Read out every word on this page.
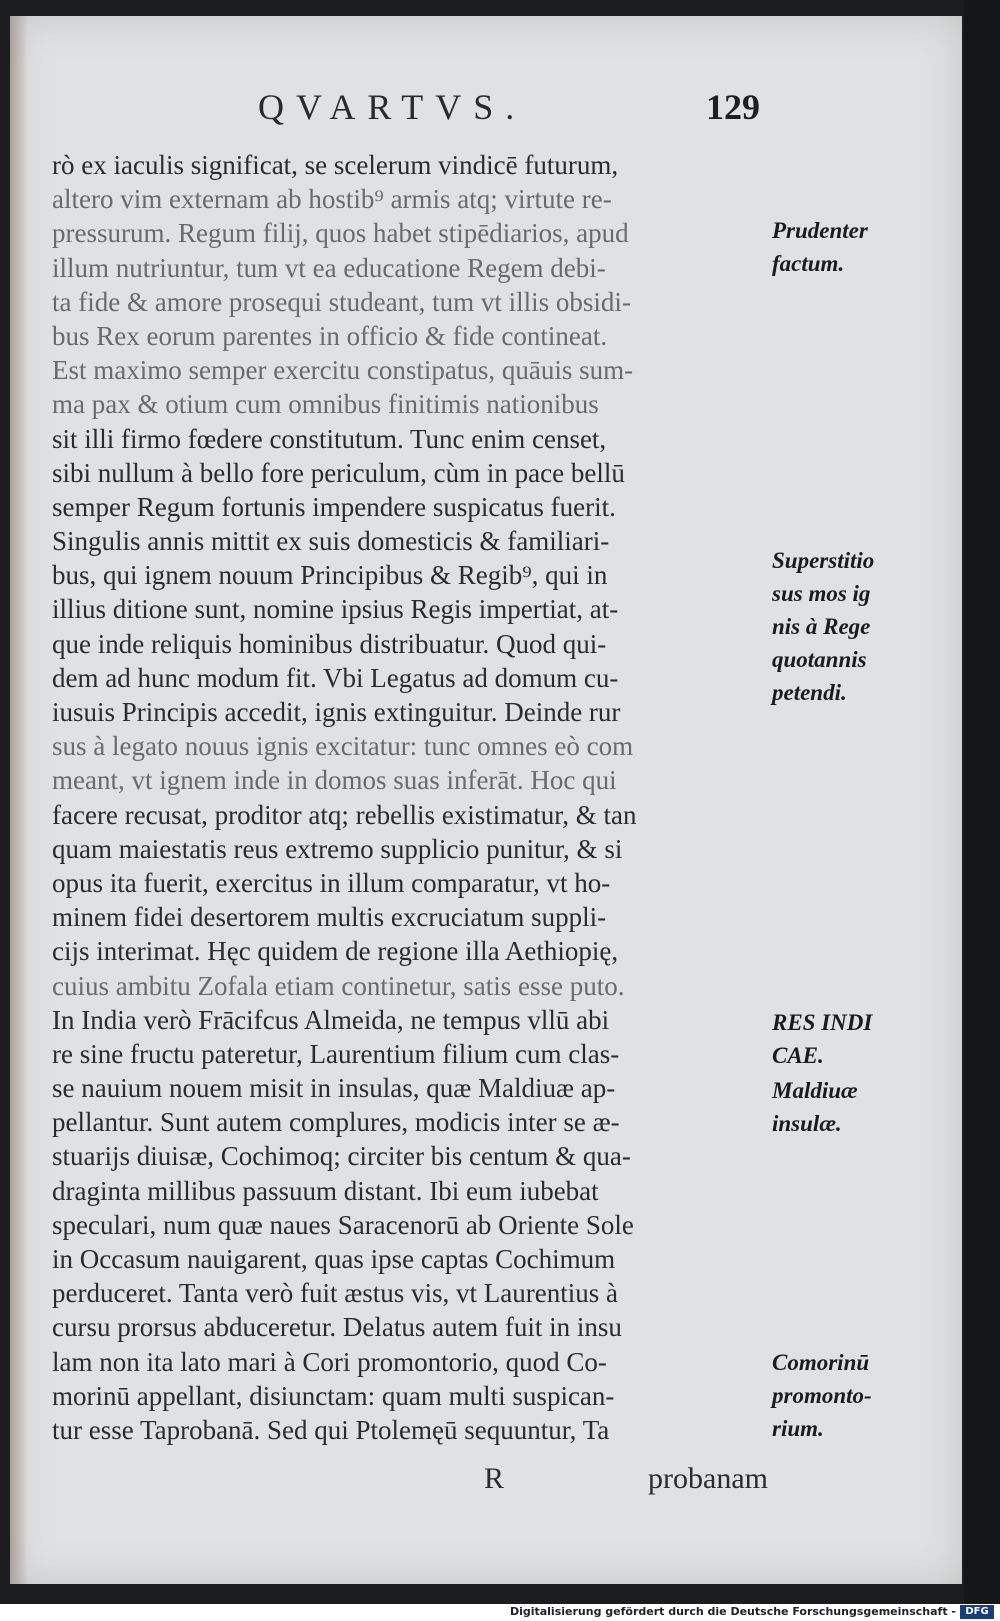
QVARTVS.	129
rò ex iaculis significat, se scelerum vindicē futurum,
altero vim externam ab hostib⁹ armis atq; virtute re-
pressurum. Regum filij, quos habet stipēdiarios, apud
illum nutriuntur, tum vt ea educatione Regem debi-
ta fide & amore prosequi studeant, tum vt illis obsidi-
bus Rex eorum parentes in officio & fide contineat.
Est maximo semper exercitu constipatus, quāuis sum-
ma pax & otium cum omnibus finitimis nationibus
sit illi firmo fœdere constitutum. Tunc enim censet,
sibi nullum à bello fore periculum, cùm in pace bellū
semper Regum fortunis impendere suspicatus fuerit.
Singulis annis mittit ex suis domesticis & familiari-
bus, qui ignem nouum Principibus & Regib⁹, qui in
illius ditione sunt, nomine ipsius Regis impertiat, at-
que inde reliquis hominibus distribuatur. Quod qui-
dem ad hunc modum fit. Vbi Legatus ad domum cu-
iusuis Principis accedit, ignis extinguitur. Deinde rur
sus à legato nouus ignis excitatur: tunc omnes eò com
meant, vt ignem inde in domos suas inferāt. Hoc qui
facere recusat, proditor atq; rebellis existimatur, & tan
quam maiestatis reus extremo supplicio punitur, & si
opus ita fuerit, exercitus in illum comparatur, vt ho-
minem fidei desertorem multis excruciatum suppli-
cijs interimat. Hęc quidem de regione illa Aethiopię,
cuius ambitu Zofala etiam continetur, satis esse puto.
In India verò Frācifcus Almeida, ne tempus vllū abi
re sine fructu pateretur, Laurentium filium cum clas-
se nauium nouem misit in insulas, quæ Maldiuæ ap-
pellantur. Sunt autem complures, modicis inter se æ-
stuarijs diuisæ, Cochimoq; circiter bis centum & qua-
draginta millibus passuum distant. Ibi eum iubebat
speculari, num quæ naues Saracenorū ab Oriente Sole
in Occasum nauigarent, quas ipse captas Cochimum
perduceret. Tanta verò fuit æstus vis, vt Laurentius à
cursu prorsus abduceretur. Delatus autem fuit in insu
lam non ita lato mari à Cori promontorio, quod Co-
morinū appellant, disiunctam: quam multi suspican-
tur esse Taprobanā. Sed qui Ptolemęū sequuntur, Ta
Prudenter
factum.
Superstitio
sus mos ig
nis à Rege
quotannis
petendi.
RES INDI
CAE.
Maldiuæ
insulæ.
Comorinū
promonto-
rium.
R	probanam
Digitalisierung gefördert durch die Deutsche Forschungsgemeinschaft - DFG
